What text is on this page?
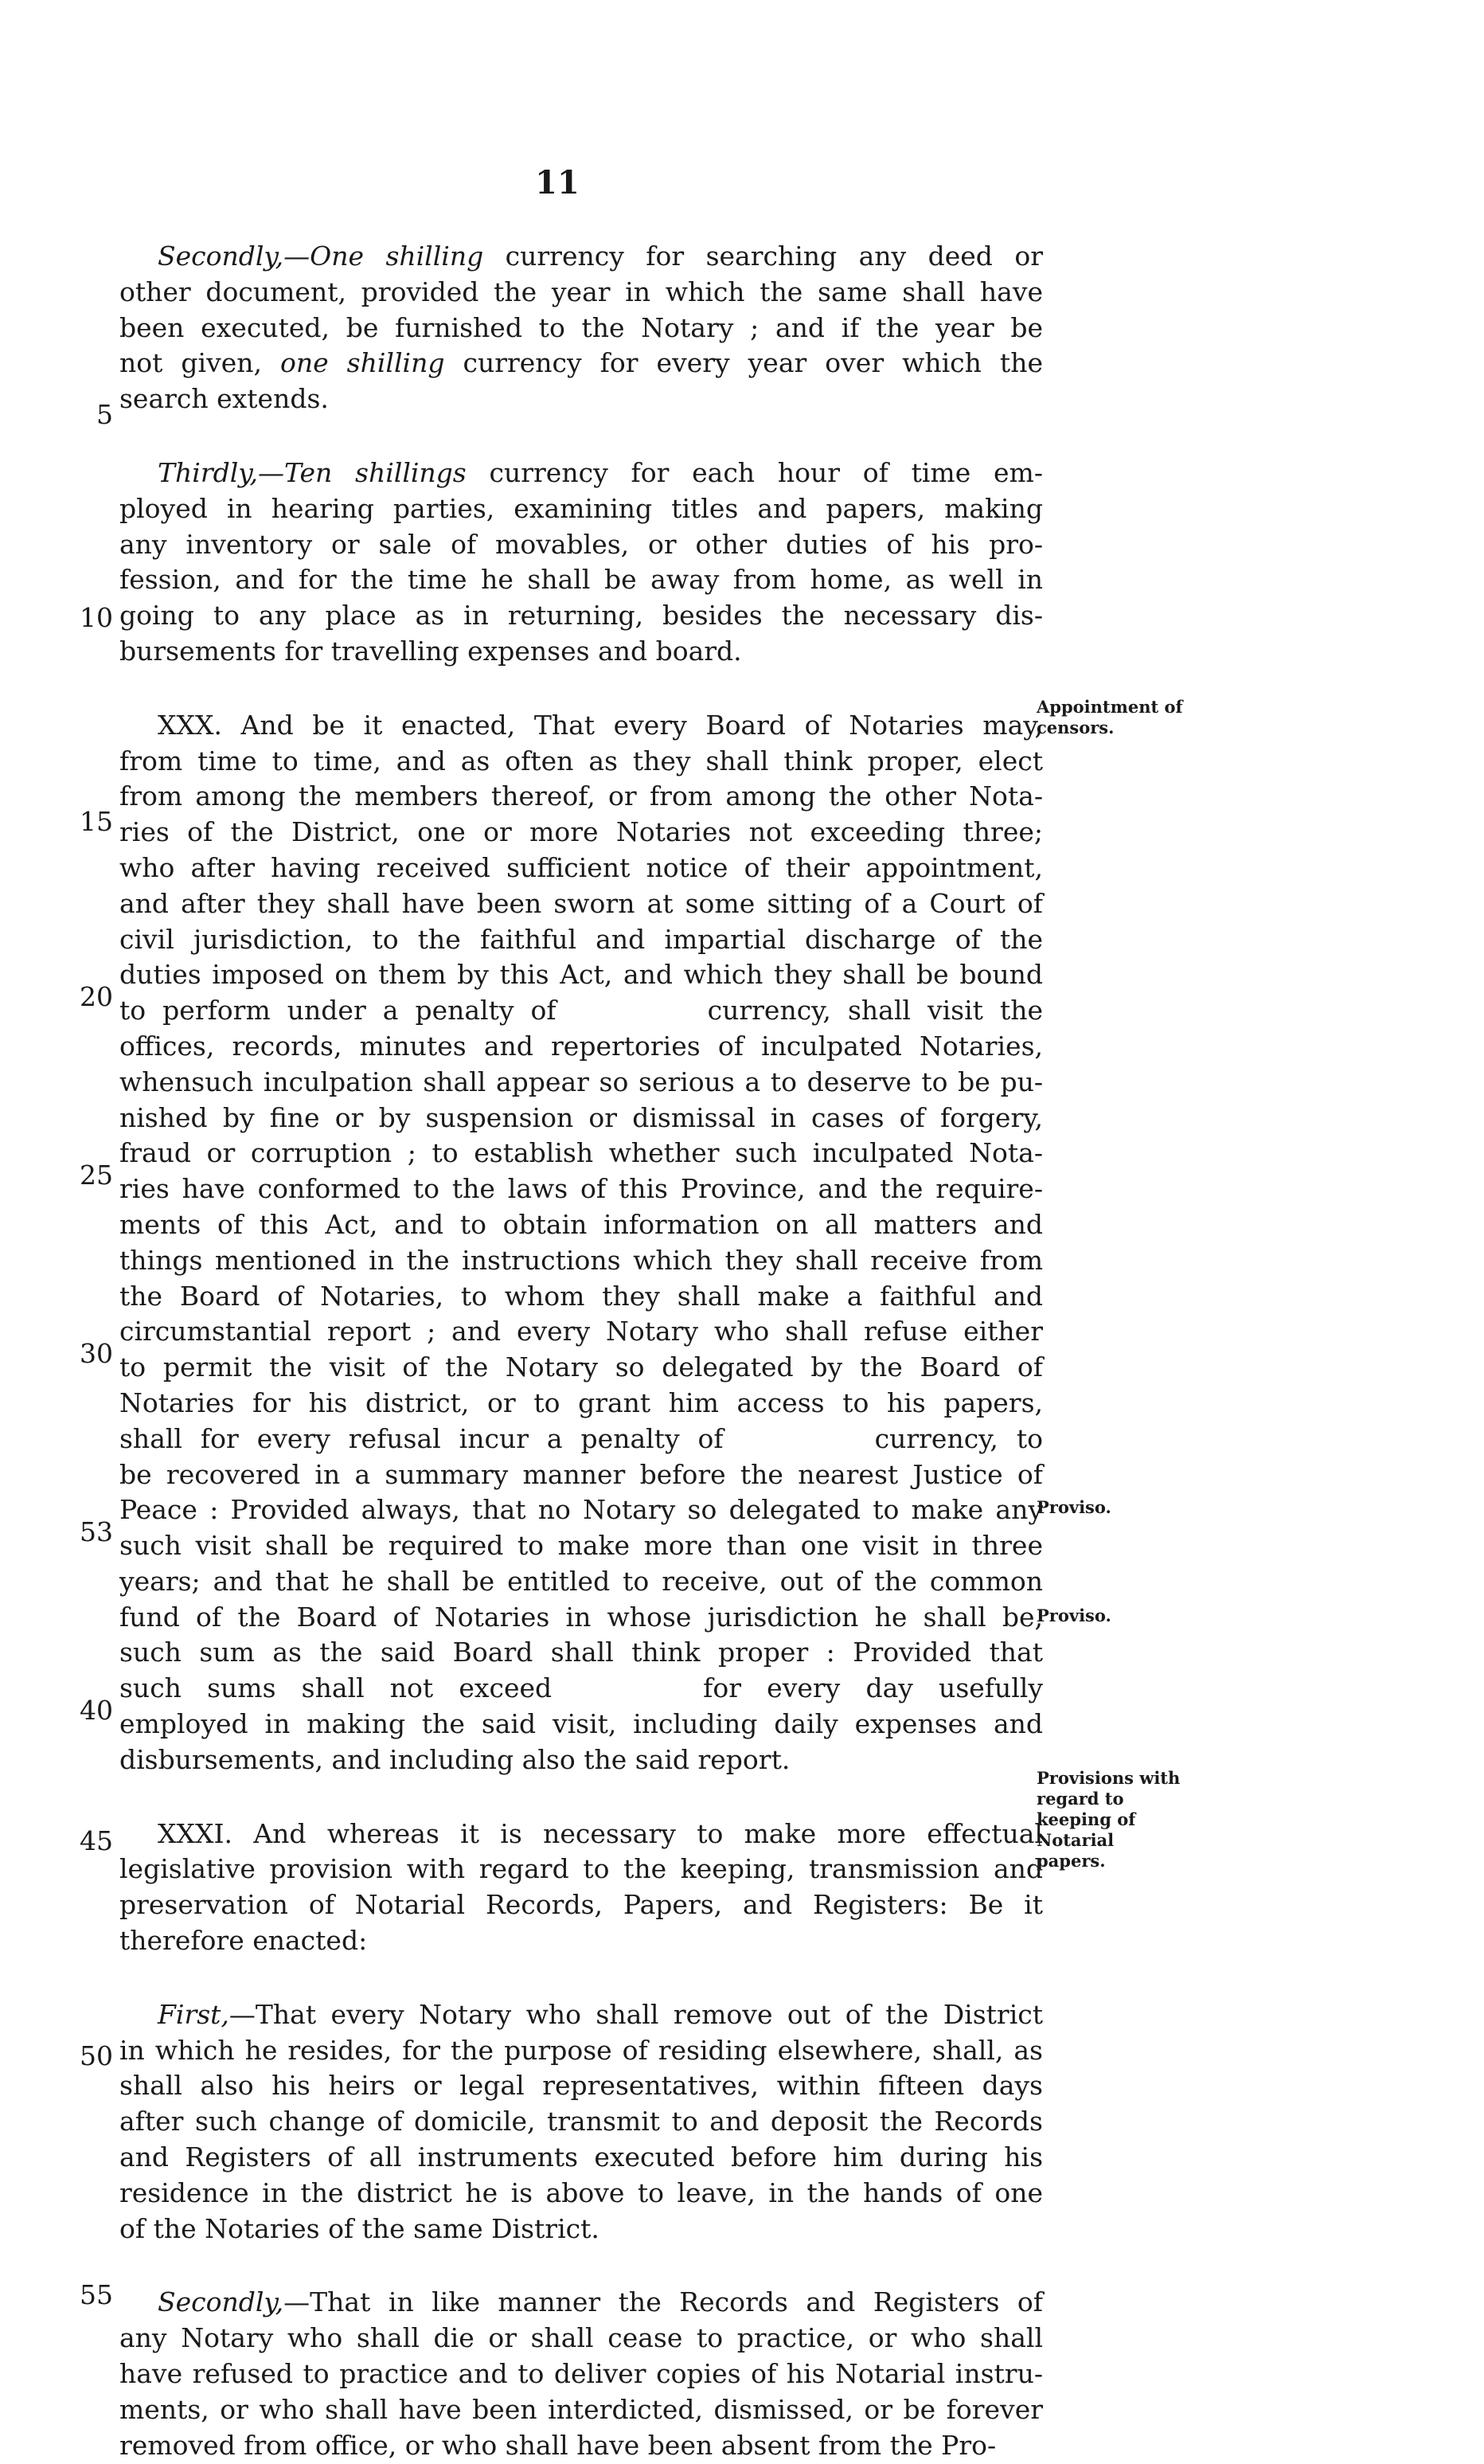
11
Secondly,—One shilling currency for searching any deed or
other document, provided the year in which the same shall have
been executed, be furnished to the Notary ; and if the year be
not given, one shilling currency for every year over which the
search extends.
Thirdly,—Ten shillings currency for each hour of time em-
ployed in hearing parties, examining titles and papers, making
any inventory or sale of movables, or other duties of his pro-
fession, and for the time he shall be away from home, as well in
going to any place as in returning, besides the necessary dis-
bursements for travelling expenses and board.
XXX. And be it enacted, That every Board of Notaries may,
from time to time, and as often as they shall think proper, elect
from among the members thereof, or from among the other Nota-
ries of the District, one or more Notaries not exceeding three;
who after having received sufficient notice of their appointment,
and after they shall have been sworn at some sitting of a Court of
civil jurisdiction, to the faithful and impartial discharge of the
duties imposed on them by this Act, and which they shall be bound
to perform under a penalty of	currency, shall visit the
offices, records, minutes and repertories of inculpated Notaries,
whensuch inculpation shall appear so serious a to deserve to be pu-
nished by fine or by suspension or dismissal in cases of forgery,
fraud or corruption ; to establish whether such inculpated Nota-
ries have conformed to the laws of this Province, and the require-
ments of this Act, and to obtain information on all matters and
things mentioned in the instructions which they shall receive from
the Board of Notaries, to whom they shall make a faithful and
circumstantial report ; and every Notary who shall refuse either
to permit the visit of the Notary so delegated by the Board of
Notaries for his district, or to grant him access to his papers,
shall for every refusal incur a penalty of	currency, to
be recovered in a summary manner before the nearest Justice of
Peace : Provided always, that no Notary so delegated to make any
such visit shall be required to make more than one visit in three
years; and that he shall be entitled to receive, out of the common
fund of the Board of Notaries in whose jurisdiction he shall be,
such sum as the said Board shall think proper : Provided that
such sums shall not exceed	for every day usefully
employed in making the said visit, including daily expenses and
disbursements, and including also the said report.
XXXI. And whereas it is necessary to make more effectual
legislative provision with regard to the keeping, transmission and
preservation of Notarial Records, Papers, and Registers: Be it
therefore enacted:
First,—That every Notary who shall remove out of the District
in which he resides, for the purpose of residing elsewhere, shall, as
shall also his heirs or legal representatives, within fifteen days
after such change of domicile, transmit to and deposit the Records
and Registers of all instruments executed before him during his
residence in the district he is above to leave, in the hands of one
of the Notaries of the same District.
Secondly,—That in like manner the Records and Registers of
any Notary who shall die or shall cease to practice, or who shall
have refused to practice and to deliver copies of his Notarial instru-
ments, or who shall have been interdicted, dismissed, or be forever
removed from office, or who shall have been absent from the Pro-
5
10
15
20
25
30
53
40
45
50
55
Appointment of censors.
Proviso.
Proviso.
Provisions with regard to keeping of Notarial papers.
